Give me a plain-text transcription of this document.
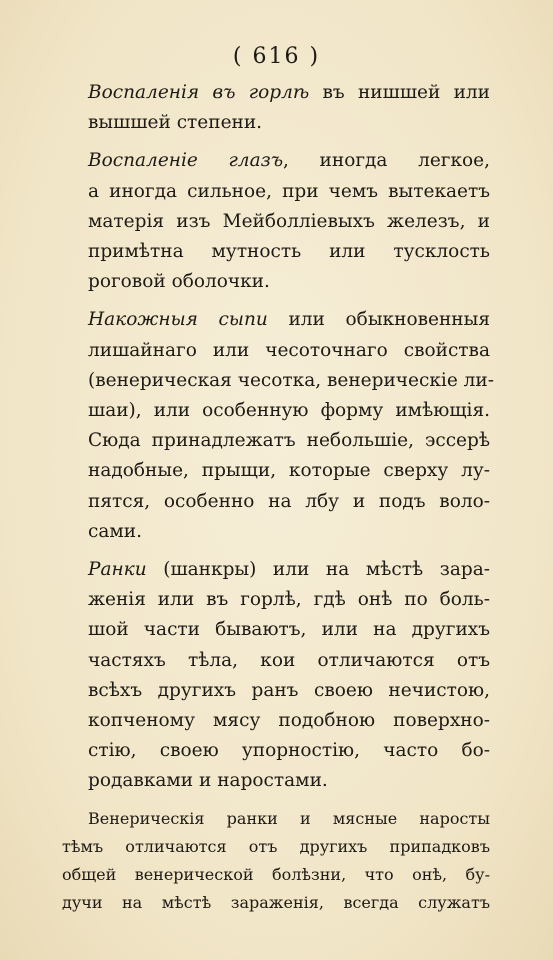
( 616 )

Воспаленія въ горлѣ въ нишшей или
вышшей степени.

Воспаленіе глазъ, иногда легкое,
а иногда сильное, при чемъ вытекаетъ
матерія изъ Мейболліевыхъ железъ, и
примѣтна мутность или тусклость
роговой оболочки.

Накожныя сыпи или обыкновенныя
лишайнаго или чесоточнаго свойства
(венерическая чесотка, венерическіе ли-
шаи), или особенную форму имѣющія.
Сюда принадлежатъ небольшіе, эссерѣ
надобные, прыщи, которые сверху лу-
пятся, особенно на лбу и подъ воло-
сами.

Ранки (шанкры) или на мѣстѣ зара-
женія или въ горлѣ, гдѣ онѣ по боль-
шой части бываютъ, или на другихъ
частяхъ тѣла, кои отличаются отъ
всѣхъ другихъ ранъ своею нечистою,
копченому мясу подобною поверхно-
стію, своею упорностію, часто бо-
родавками и наростами.

Венерическія ранки и мясные наросты
тѣмъ отличаются отъ другихъ припадковъ
общей венерической болѣзни, что онѣ, бу-
дучи на мѣстѣ зараженія, всегда служатъ
